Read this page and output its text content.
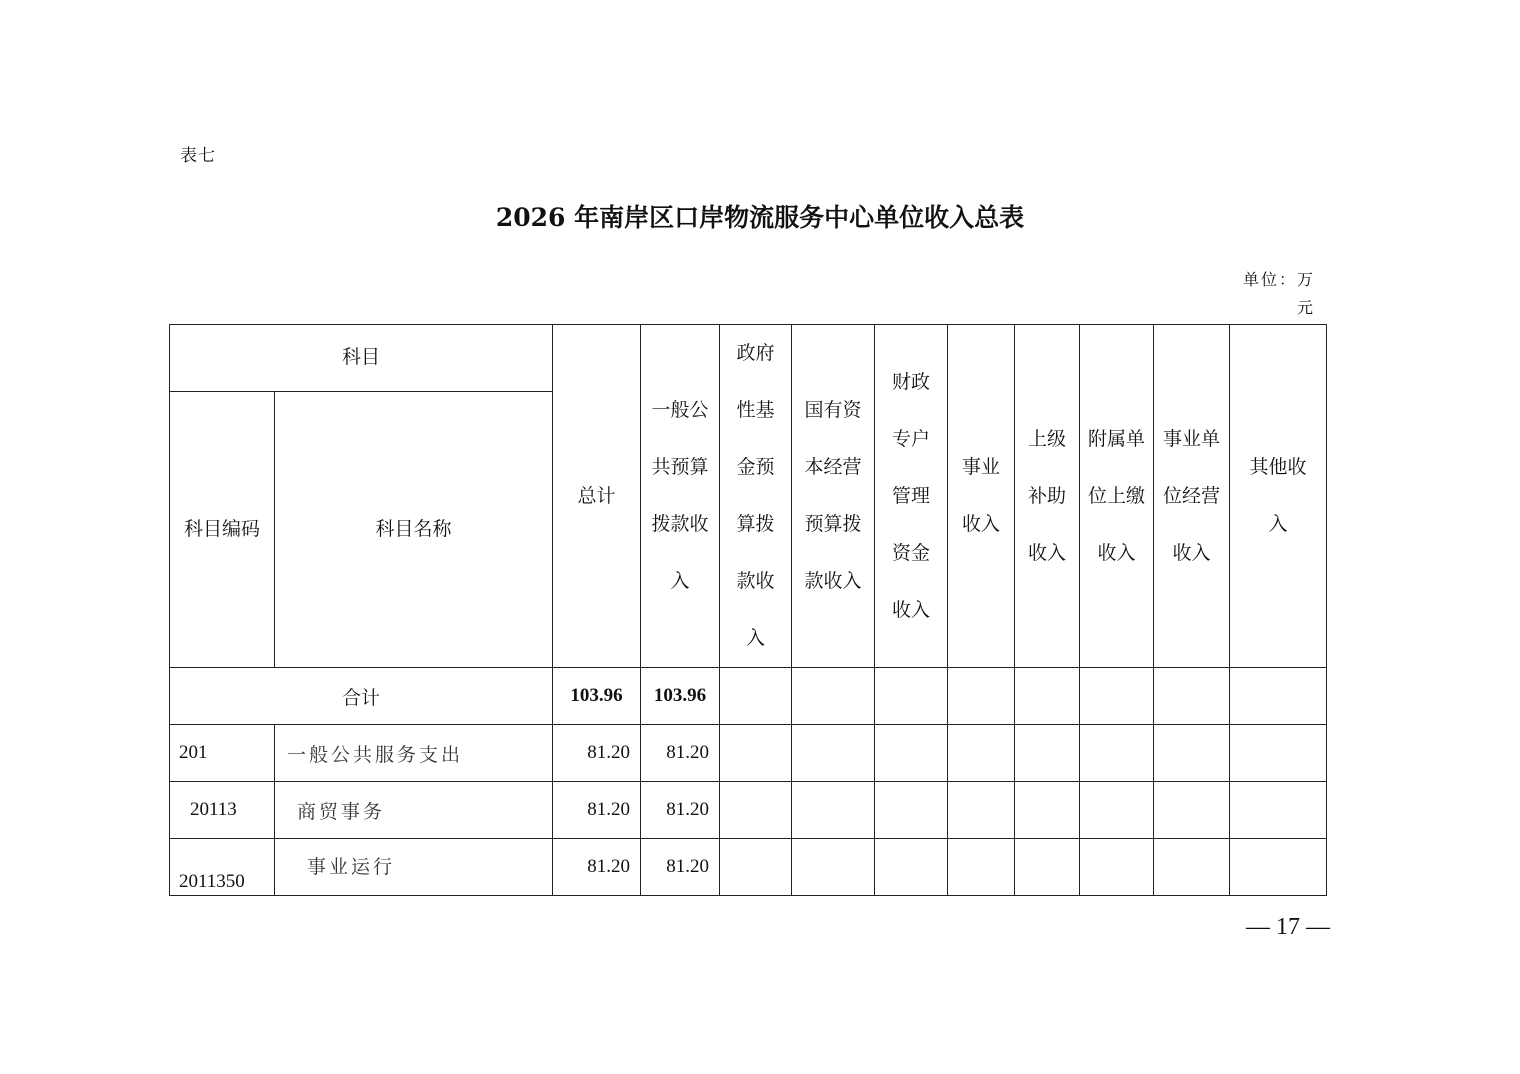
表七
2026 年南岸区口岸物流服务中心单位收入总表
单位：万元
科目		总计	一般公共预算拨款收入	政府性基金预算拨款收入	国有资本经营预算拨款收入	财政专户管理资金收入	事业收入	上级补助收入	附属单位上缴收入	事业单位经营收入	其他收入
科目编码	科目名称										
合计		103.96	103.96								
201	一般公共服务支出	81.20	81.20								
20113	商贸事务	81.20	81.20								
2011350	事业运行	81.20	81.20								
— 17 —
